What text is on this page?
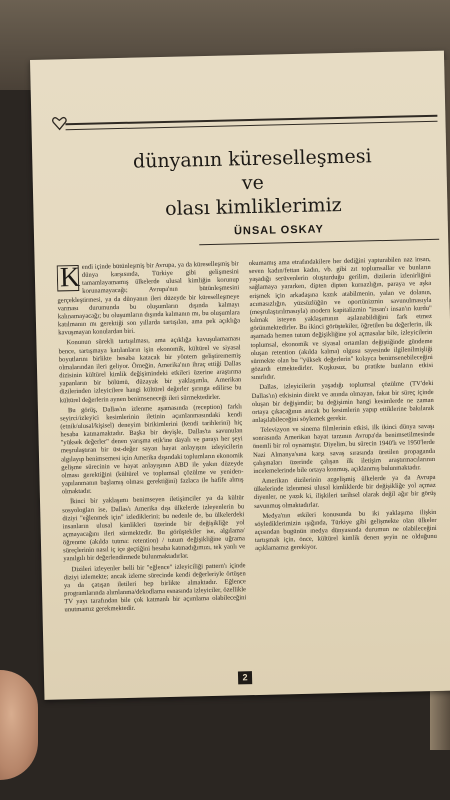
dünyanın küreselleşmesi
ve
olası kimliklerimiz
ÜNSAL OSKAY

K endi içinde bütünleşmiş bir Avrupa, ya da küreselleşmiş bir dünya karşısında, Türkiye gibi gelişmesini tamamlayamamış ülkelerde ulusal kimliğin korunup korunamayacağı; Avrupa'nın bütünleşmesini gerçekleştirmesi, ya da dünyanın ileri düzeyde bir küreselleşmeye varması durumunda bu oluşumların dışında kalmayı kalınamayacağı; bu oluşumların dışında kalmanın mı, bu oluşumlara katılmanın mı gerektiği son yıllarda tartışılan, ama pek açıklığa kavuşmayan konulardan biri.

Konunun sürekli tartışılması, ama açıklığa kavuşulamaması bence, tartışmaya katılanların işin ekonomik, kültürel ve siyasal boyutlarını birlikte hesaba katacak bir yöntem geliştirememiş olmalarından ileri geliyor. Örneğin, Amerika'nın ihraç ettiği Dallas dizisinin kültürel kimlik değişimindeki etkileri üzerine araştırma yapanların bir bölümü, düzayak bir yaklaşımla, Amerikan dizilerinden izleyicilere hangi kültürel değerler şırınga edilirse bu kültürel değerlerin aynen benimseneceği ileri sürmektedirler.

Bu görüş, Dallas'ın izlenme aşamasında (reception) farklı seyirci/izleyici kesimlerinin iletinin açımlanmasındaki kendi (etnik/ulusal/kişisel) deneyim birikimlerini (kendi tarihlerini) hiç hesaba katmamaktadır. Başka bir deyişle, Dallas'ta savunulan "yüksek değerler" denen yarışma etik'ine dayalı ve parayı her şeyi meşrulaştıran bir üst-değer sayan hayat anlayışını izleyicilerin algılayıp benimsemesi için Amerika dışındaki toplumların ekonomik gelişme sürecinin ve hayat anlayışının ABD ile yakın düzeyde olması gerektiğini (kültürel ve toplumsal çözülme ve yeniden-yapılanmanın başlamış olması gerektiğini) fazlaca ile hafife almış olmaktadır.

İkinci bir yaklaşımı benimseyen iletişimciler ya da kültür sosyologları ise, Dallas'ı Amerika dışı ülkelerde izleyenlerin bu diziyi "eğlenmek için" izlediklerini; bu nedenle de, bu ülkelerdeki insanların ulusal kimlikleri üzerinde bir değişikliğe yol açmayacağını ileri sürmektedir. Bu görüştekiler ise, algılama/öğrenme (akılda tutma: retention) / tutum değişikliğine uğrama süreçlerinin nasıl iç içe geçtiğini hesaba katmadığımızı, tek yanlı ve yanılgılı bir değerlendirmede bulunmaktadırlar.

Dizileri izleyenler belli bir "eğlence" izleyiciliği pattern'ı içinde diziyi izlemekte; ancak izleme sürecinde kendi değerleriyle örtüşen ya da çatışan iletileri hep birlikte almaktadır. Eğlence programlarında alımlanma/dekodlama esnasında izleyiciler, özellikle TV yayı tarafından bile çok katmanlı bir açımlama olabileceğini unutmamız gerekmektedir.

okumamış ama etrafındakilere her dediğini yapturabilen naz insan, seven kadın/fettan kadın, vb. gibi zıt toplumsallar ve bunların yaşadığı serüvenlerin oluşturduğu gerilim, dizilerin izlenirliğini sağlamaya yararken, dipten dipten kurnazlığın, paraya ve aşka erişmek için arkadaşına kazık atabilmenin, yalan ve dolanın, acımasızlığın, yüzsüzlüğün ve oportünizmin savunulmasıyla (meşrulaştırılmasıyla) modern kapitalizmin "insan'ı insan'ın kurdu" kılmak isteyen yaklaşımının aşılanabildiğini fark etmez görünmektedirler. Bu ikinci görüştekiler, öğretilen bu değerlerin, ilk aşamada hemen tutum değişikliğine yol açmasalar bile, izleyicilerin toplumsal, ekonomik ve siyasal ortamları değiştiğinde gündeme oluşan retention (akılda kalma) olgusu sayesinde ilgilenilmişliği sürmekte olan bu "yüksek değerlerin" kolayca benimsenebileceğini gözardı etmektedirler. Kuşkusuz, bu pratikte bunların etkisi sınırlıdır.

Dallas, izleyicilerin yaşadığı toplumsal çözülme (TV'deki Dallas'ın) etkisinin direkt ve anında olmayan, fakat bir süreç içinde oluşan bir değişimdir; bu değişimin hangi kesimlerde ne zaman ortaya çıkacağının ancak bu kesimlerin yapıp ettiklerine bakılarak anlaşılabileceğini söylemek gerekir.

Televizyon ve sinema filmlerinin etkisi, ilk ikinci dünya savaşı sonrasında Amerikan hayat tarzının Avrupa'da benimsetilmesinde önemli bir rol oynamıştır. Diyelim, bu sürecin 1940'lı ve 1950'lerde Nazi Almanya'sına karşı savaş sırasında üretilen propaganda çalışmaları üzerinde çalışan ilk iletişim araştırmacılarının incelemelerinde bile ortaya konmuş, açıklanmış bulunmaktadır.

Amerikan dizilerinin azgelişmiş ülkelerde ya da Avrupa ülkelerinde izlenmesi ulusal kimliklerde bir değişikliğe yol açmaz diyenler, ne yazık ki, ilişkileri tarihsel olarak değil ağır bir görüş savunmuş olmaktadırlar.

Medya'nın etkileri konusunda bu iki yaklaşıma ilişkin söylediklerimizin ışığında, Türkiye gibi gelişmekte olan ülkeler açısından bugünün medya dünyasında durumun ne olabileceğini tartışmak için, önce, kültürel kimlik denen şeyin ne olduğunu açıklamamız gerekiyor.

2
